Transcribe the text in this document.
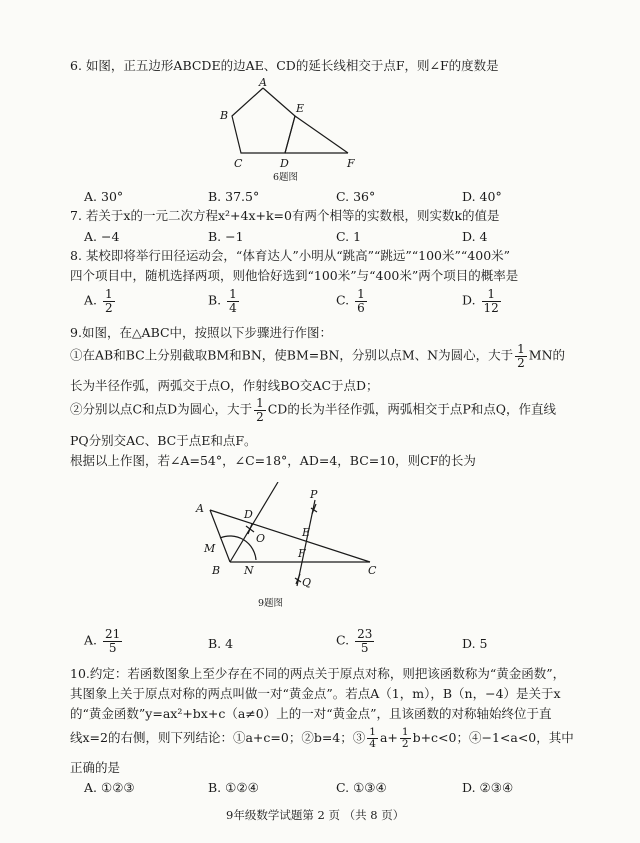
6. 如图，正五边形ABCDE的边AE、CD的延长线相交于点F，则∠F的度数是
A
B
C	D
E
F
6题图
A. 30°	B. 37.5°	C. 36°	D. 40°
7. 若关于x的一元二次方程x²+4x+k=0有两个相等的实数根，则实数k的值是
A. −4	B. −1	C. 1	D. 4
8. 某校即将举行田径运动会，“体育达人”小明从“跳高”“跳远”“100米”“400米”
四个项目中，随机选择两项，则他恰好选到“100米”与“400米”两个项目的概率是
A. $\frac{1}{2}$	B. $\frac{1}{4}$	C. $\frac{1}{6}$	D. $\frac{1}{12}$
9.如图，在△ABC中，按照以下步骤进行作图：
①在AB和BC上分别截取BM和BN，使BM=BN，分别以点M、N为圆心，大于 $\frac{1}{2}$ MN的
长为半径作弧，两弧交于点O，作射线BO交AC于点D；
②分别以点C和点D为圆心，大于 $\frac{1}{2}$ CD的长为半径作弧，两弧相交于点P和点Q，作直线
PQ分别交AC、BC于点E和点F。
根据以上作图，若∠A=54°，∠C=18°，AD=4，BC=10，则CF的长为
A
B	C
D
E
F
M
N
O
P
Q
9题图
A. $\frac{21}{5}$	B. 4	C. $\frac{23}{5}$	D. 5
10.约定：若函数图象上至少存在不同的两点关于原点对称，则把该函数称为“黄金函数”，
其图象上关于原点对称的两点叫做一对“黄金点”。若点A（1，m），B（n，−4）是关于x
的“黄金函数”y=ax²+bx+c（a≠0）上的一对“黄金点”，且该函数的对称轴始终位于直
线x=2的右侧，则下列结论：①a+c=0；②b=4；③ $\frac{1}{4} a+ \frac{1}{2} b+c<0$；④−1<a<0，其中
正确的是
A. ①②③	B. ①②④	C. ①③④	D. ②③④
9年级数学试题第 2 页 （共 8 页）
